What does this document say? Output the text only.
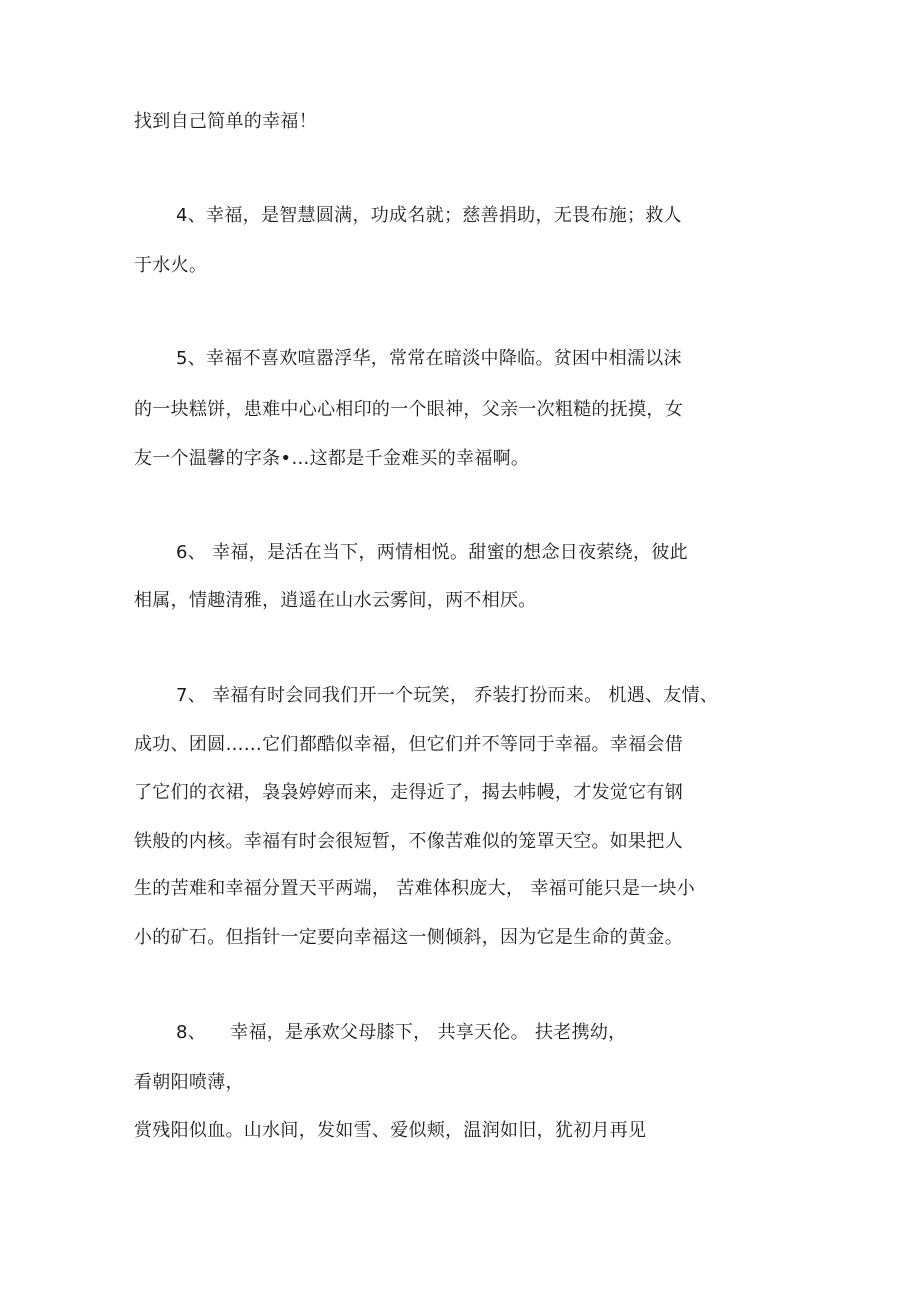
找到自己简单的幸福！
4、幸福，是智慧圆满，功成名就；慈善捐助，无畏布施；救人
于水火。
5、幸福不喜欢喧嚣浮华，常常在暗淡中降临。贫困中相濡以沫
的一块糕饼，患难中心心相印的一个眼神，父亲一次粗糙的抚摸，女
友一个温馨的字条•…这都是千金难买的幸福啊。
6、 幸福，是活在当下，两情相悦。甜蜜的想念日夜萦绕，彼此
相属，情趣清雅，逍遥在山水云雾间，两不相厌。
7、 幸福有时会同我们开一个玩笑， 乔装打扮而来。 机遇、友情、
成功、团圆……它们都酷似幸福，但它们并不等同于幸福。幸福会借
了它们的衣裙，袅袅婷婷而来，走得近了，揭去帏幔，才发觉它有钢
铁般的内核。幸福有时会很短暂，不像苦难似的笼罩天空。如果把人
生的苦难和幸福分置天平两端， 苦难体积庞大， 幸福可能只是一块小
小的矿石。但指针一定要向幸福这一侧倾斜，因为它是生命的黄金。
8、    幸福，是承欢父母膝下， 共享天伦。 扶老携幼，
看朝阳喷薄，
赏残阳似血。山水间，发如雪、爱似颊，温润如旧，犹初月再见
